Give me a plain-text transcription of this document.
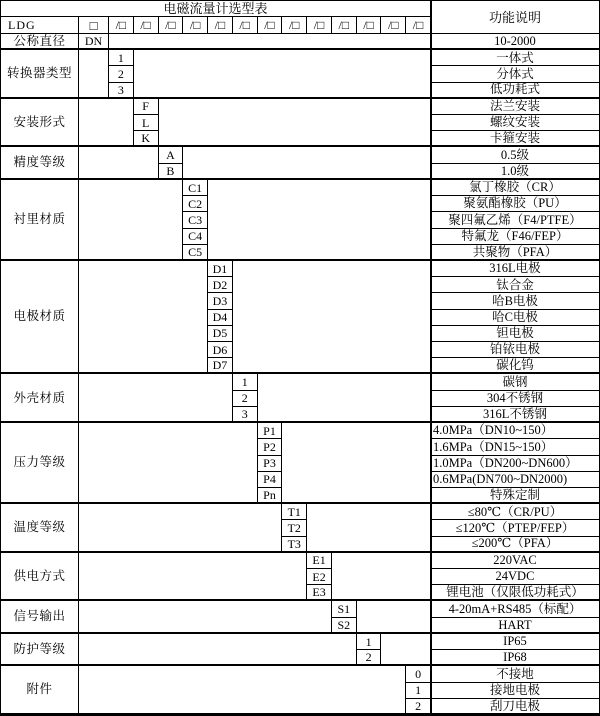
电磁流量计选型表
功能说明
LDG	□	/□	/□	/□	/□	/□	/□	/□	/□	/□	/□	/□	/□	/□
公称直径	DN	10-2000
转换器类型
1	一体式
2	分体式
3	低功耗式
安装形式
F	法兰安装
L	螺纹安装
K	卡箍安装
精度等级
A	0.5级
B	1.0级
衬里材质
C1	氯丁橡胶（CR）
C2	聚氨酯橡胶（PU）
C3	聚四氟乙烯（F4/PTFE）
C4	特氟龙（F46/FEP）
C5	共聚物（PFA）
电极材质
D1	316L电极
D2	钛合金
D3	哈B电极
D4	哈C电极
D5	钽电极
D6	铂铱电极
D7	碳化钨
外壳材质
1	碳钢
2	304不锈钢
3	316L不锈钢
压力等级
P1	4.0MPa（DN10~150）
P2	1.6MPa（DN15~150）
P3	1.0MPa（DN200~DN600）
P4	0.6MPa(DN700~DN2000)
Pn	特殊定制
温度等级
T1	≤80℃（CR/PU）
T2	≤120℃（PTEP/FEP）
T3	≤200℃（PFA）
供电方式
E1	220VAC
E2	24VDC
E3	锂电池（仅限低功耗式）
信号输出
S1	4-20mA+RS485（标配）
S2	HART
防护等级
1	IP65
2	IP68
附件
0	不接地
1	接地电极
2	刮刀电极
